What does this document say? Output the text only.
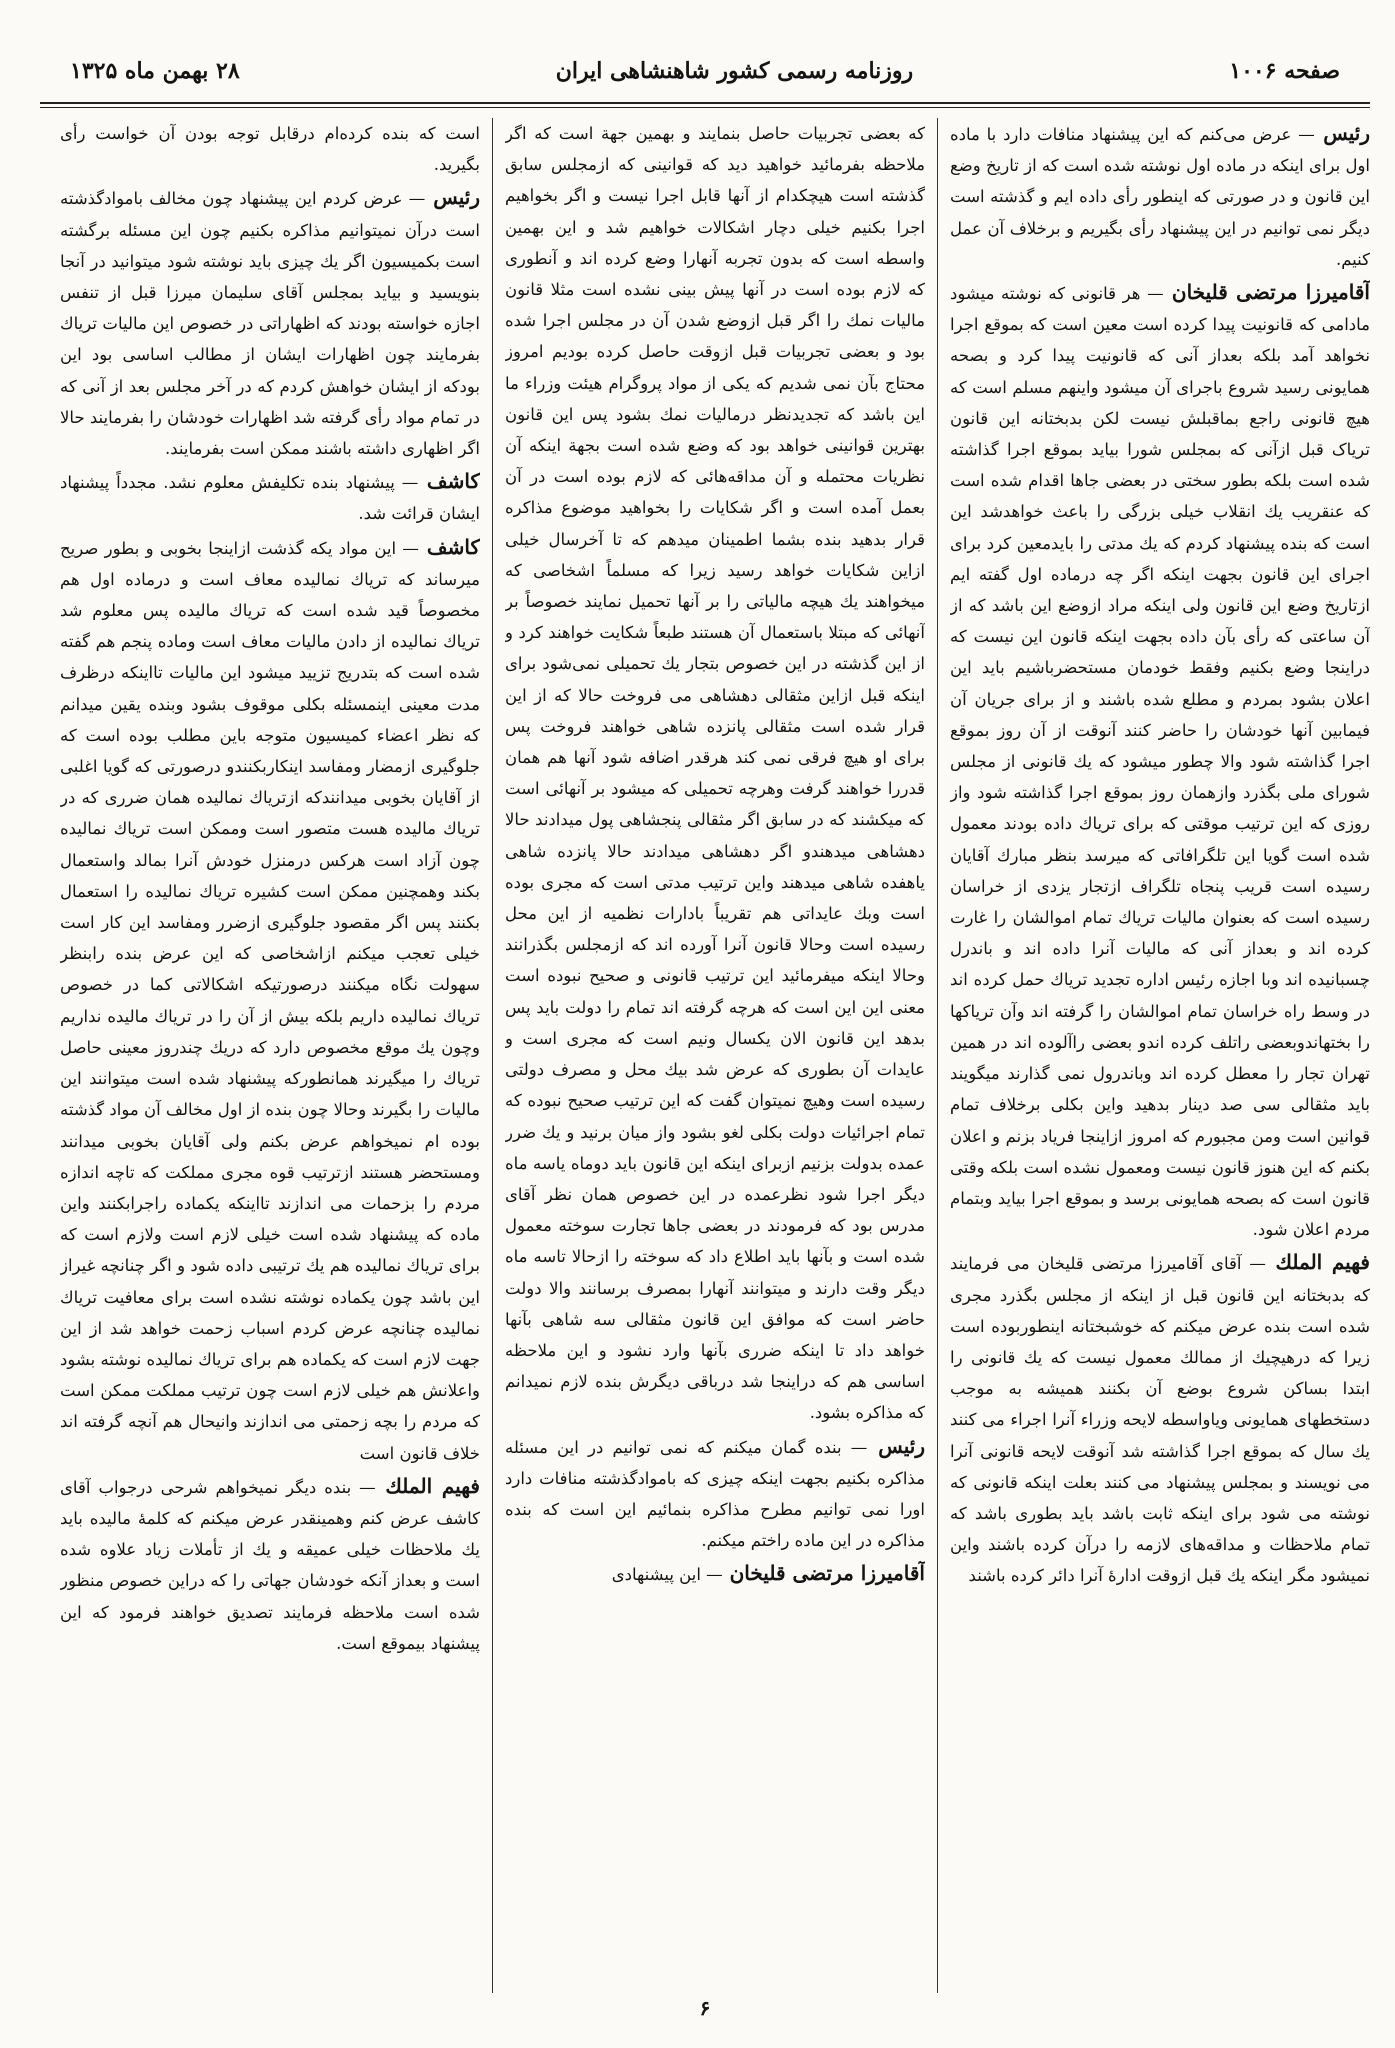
صفحه ۱۰۰۶
روزنامه رسمی کشور شاهنشاهی ایران
۲۸ بهمن ماه ۱۳۲۵

رئیس — عرض می‌کنم که این پیشنهاد منافات دارد با ماده اول برای اینکه در ماده اول نوشته شده است که از تاریخ وضع این قانون و در صورتی که اینطور رأی داده ایم و گذشته است دیگر نمی توانیم در این پیشنهاد رأی بگیریم و برخلاف آن عمل کنیم.

آقامیرزا مرتضی قلیخان — هر قانونی که نوشته میشود مادامی که قانونیت پیدا کرده است معین است که بموقع اجرا نخواهد آمد بلکه بعداز آنی که قانونیت پیدا کرد و بصحه همایونی رسید شروع باجرای آن میشود واینهم مسلم است که هیچ قانونی راجع بماقبلش نیست لکن بدبختانه این قانون تریاک قبل ازآنی که بمجلس شورا بیاید بموقع اجرا گذاشته شده است بلکه بطور سختی در بعضی جاها اقدام شده است که عنقریب یك انقلاب خیلی بزرگی را باعث خواهدشد این است که بنده پیشنهاد کردم که یك مدتی را بایدمعین کرد برای اجرای این قانون بجهت اینکه اگر چه درماده اول گفته ایم ازتاریخ وضع این قانون ولی اینکه مراد ازوضع این باشد که از آن ساعتی که رأی بآن داده بجهت اینکه قانون این نیست که دراینجا وضع بکنیم وفقط خودمان مستحضرباشیم باید این اعلان بشود بمردم و مطلع شده باشند و از برای جریان آن فیمابین آنها خودشان را حاضر کنند آنوقت از آن روز بموقع اجرا گذاشته شود والا چطور میشود که یك قانونی از مجلس شورای ملی بگذرد وازهمان روز بموقع اجرا گذاشته شود واز روزی که این ترتیب موقتی که برای تریاك داده بودند معمول شده است گویا این تلگرافاتی که میرسد بنظر مبارك آقایان رسیده است قریب پنجاه تلگراف ازتجار یزدی از خراسان رسیده است که بعنوان مالیات تریاك تمام اموالشان را غارت کرده اند و بعداز آنی که مالیات آنرا داده اند و باندرل چسبانیده اند وبا اجازه رئیس اداره تجدید تریاك حمل کرده اند در وسط راه خراسان تمام اموالشان را گرفته اند وآن تریاکها را بختهاندوبعضی راتلف کرده اندو بعضی راآلوده اند در همین تهران تجار را معطل کرده اند وباندرول نمی گذارند میگویند باید مثقالی سی صد دینار بدهید واین بکلی برخلاف تمام قوانین است ومن مجبورم که امروز ازاینجا فریاد بزنم و اعلان بکنم که این هنوز قانون نیست ومعمول نشده است بلکه وقتی قانون است که بصحه همایونی برسد و بموقع اجرا بیاید وبتمام مردم اعلان شود.

فهیم الملك — آقای آقامیرزا مرتضی قلیخان می فرمایند که بدبختانه این قانون قبل از اینکه از مجلس بگذرد مجری شده است بنده عرض میکنم که خوشبختانه اینطوربوده است زیرا که درهیچیك از ممالك معمول نیست که یك قانونی را ابتدا بساکن شروع بوضع آن بکنند همیشه به موجب دستخطهای همایونی ویاواسطه لایحه وزراء آنرا اجراء می کنند یك سال که بموقع اجرا گذاشته شد آنوقت لایحه قانونی آنرا می نویسند و بمجلس پیشنهاد می کنند بعلت اینکه قانونی که نوشته می شود برای اینکه ثابت باشد باید بطوری باشد که تمام ملاحظات و مداقه‌های لازمه را درآن کرده باشند واین نمیشود مگر اینکه یك قبل ازوقت ادارهٔ آنرا دائر کرده باشند

که بعضی تجربیات حاصل بنمایند و بهمین جهة است که اگر ملاحظه بفرمائید خواهید دید که قوانینی که ازمجلس سابق گذشته است هیچکدام از آنها قابل اجرا نیست و اگر بخواهیم اجرا بکنیم خیلی دچار اشکالات خواهیم شد و این بهمین واسطه است که بدون تجربه آنهارا وضع کرده اند و آنطوری که لازم بوده است در آنها پیش بینی نشده است مثلا قانون مالیات نمك را اگر قبل ازوضع شدن آن در مجلس اجرا شده بود و بعضی تجربیات قبل ازوقت حاصل کرده بودیم امروز محتاج بآن نمی شدیم که یکی از مواد پروگرام هیئت وزراء ما این باشد که تجدیدنظر درمالیات نمك بشود پس این قانون بهترین قوانینی خواهد بود که وضع شده است بجهة اینکه آن نظریات محتمله و آن مداقه‌هائی که لازم بوده است در آن بعمل آمده است و اگر شکایات را بخواهید موضوع مذاکره قرار بدهید بنده بشما اطمینان میدهم که تا آخرسال خیلی ازاین شکایات خواهد رسید زیرا که مسلماً اشخاصی که میخواهند یك هیچه مالیاتی را بر آنها تحمیل نمایند خصوصاً بر آنهائی که مبتلا باستعمال آن هستند طبعاً شکایت خواهند کرد و از این گذشته در این خصوص بتجار یك تحمیلی نمی‌شود برای اینکه قبل ازاین مثقالی دهشاهی می فروخت حالا که از این قرار شده است مثقالی پانزده شاهی خواهند فروخت پس برای او هیچ فرقی نمی کند هرقدر اضافه شود آنها هم همان قدررا خواهند گرفت وهرچه تحمیلی که میشود بر آنهائی است که میکشند که در سابق اگر مثقالی پنجشاهی پول میدادند حالا دهشاهی میدهندو اگر دهشاهی میدادند حالا پانزده شاهی یاهفده شاهی میدهند واین ترتیب مدتی است که مجری بوده است وبك عایداتی هم تقریباً بادارات نظمیه از این محل رسیده است وحالا قانون آنرا آورده اند که ازمجلس بگذرانند وحالا اینکه میفرمائید این ترتیب قانونی و صحیح نبوده است معنی این این است که هرچه گرفته اند تمام را دولت باید پس بدهد این قانون الان یکسال ونیم است که مجری است و عایدات آن بطوری که عرض شد بیك محل و مصرف دولتی رسیده است وهیچ نمیتوان گفت که این ترتیب صحیح نبوده که تمام اجرائیات دولت بکلی لغو بشود واز میان برنید و یك ضرر عمده بدولت بزنیم ازبرای اینکه این قانون باید دوماه یاسه ماه دیگر اجرا شود نظرعمده در این خصوص همان نظر آقای مدرس بود که فرمودند در بعضی جاها تجارت سوخته معمول شده است و بآنها باید اطلاع داد که سوخته را ازحالا تاسه ماه دیگر وقت دارند و میتوانند آنهارا بمصرف برسانند والا دولت حاضر است که موافق این قانون مثقالی سه شاهی بآنها خواهد داد تا اینکه ضرری بآنها وارد نشود و این ملاحظه اساسی هم که دراینجا شد درباقی دیگرش بنده لازم نمیدانم که مذاکره بشود.

رئیس — بنده گمان میکنم که نمی توانیم در این مسئله مذاکره بکنیم بجهت اینکه چیزی که باموادگذشته منافات دارد اورا نمی توانیم مطرح مذاکره بنمائیم این است که بنده مذاکره در این ماده راختم میکنم.

آقامیرزا مرتضی قلیخان — این پیشنهادی

است که بنده کرده‌ام درقابل توجه بودن آن خواست رأی بگیرید.

رئیس — عرض کردم این پیشنهاد چون مخالف باموادگذشته است درآن نمیتوانیم مذاکره بکنیم چون این مسئله برگشته است بکمیسیون اگر یك چیزی باید نوشته شود میتوانید در آنجا بنویسید و بیاید بمجلس آقای سلیمان میرزا قبل از تنفس اجازه خواسته بودند که اظهاراتی در خصوص این مالیات تریاك بفرمایند چون اظهارات ایشان از مطالب اساسی بود این بودکه از ایشان خواهش کردم که در آخر مجلس بعد از آنی که در تمام مواد رأی گرفته شد اظهارات خودشان را بفرمایند حالا اگر اظهاری داشته باشند ممکن است بفرمایند.

کاشف — پیشنهاد بنده تکلیفش معلوم نشد. مجدداً پیشنهاد ایشان قرائت شد.

کاشف — این مواد یکه گذشت ازاینجا بخوبی و بطور صریح میرساند که تریاك نمالیده معاف است و درماده اول هم مخصوصاً قید شده است که تریاك مالیده پس معلوم شد تریاك نمالیده از دادن مالیات معاف است وماده پنجم هم گفته شده است که بتدریج تزیید میشود این مالیات تااینکه درظرف مدت معینی اینمسئله بکلی موقوف بشود وبنده یقین میدانم که نظر اعضاء کمیسیون متوجه باین مطلب بوده است که جلوگیری ازمضار ومفاسد اینکاربکنندو درصورتی که گویا اغلبی از آقایان بخوبی میدانندکه ازتریاك نمالیده همان ضرری که در تریاك مالیده هست متصور است وممکن است تریاك نمالیده چون آزاد است هرکس درمنزل خودش آنرا بمالد واستعمال بکند وهمچنین ممکن است کشیره تریاك نمالیده را استعمال بکنند پس اگر مقصود جلوگیری ازضرر ومفاسد این کار است خیلی تعجب میکنم ازاشخاصی که این عرض بنده رابنظر سهولت نگاه میکنند درصورتیکه اشکالاتی کما در خصوص تریاك نمالیده داریم بلکه بیش از آن را در تریاك مالیده نداریم وچون یك موقع مخصوص دارد که دریك چندروز معینی حاصل تریاك را میگیرند همانطورکه پیشنهاد شده است میتوانند این مالیات را بگیرند وحالا چون بنده از اول مخالف آن مواد گذشته بوده ام نمیخواهم عرض بکنم ولی آقایان بخوبی میدانند ومستحضر هستند ازترتیب قوه مجری مملکت که تاچه اندازه مردم را بزحمات می اندازند تااینکه یکماده راجرابکنند واین ماده که پیشنهاد شده است خیلی لازم است ولازم است که برای تریاك نمالیده هم یك ترتیبی داده شود و اگر چنانچه غیراز این باشد چون یکماده نوشته نشده است برای معافیت تریاك نمالیده چنانچه عرض کردم اسباب زحمت خواهد شد از این جهت لازم است که یکماده هم برای تریاك نمالیده نوشته بشود واعلانش هم خیلی لازم است چون ترتیب مملکت ممکن است که مردم را بچه زحمتی می اندازند وانیحال هم آنچه گرفته اند خلاف قانون است

فهیم الملك — بنده دیگر نمیخواهم شرحی درجواب آقای کاشف عرض کنم وهمینقدر عرض میکنم که کلمهٔ مالیده باید یك ملاحظات خیلی عمیقه و یك از تأملات زیاد علاوه شده است و بعداز آنکه خودشان جهاتی را که دراین خصوص منظور شده است ملاحظه فرمایند تصدیق خواهند فرمود که این پیشنهاد بیموقع است.

۶
